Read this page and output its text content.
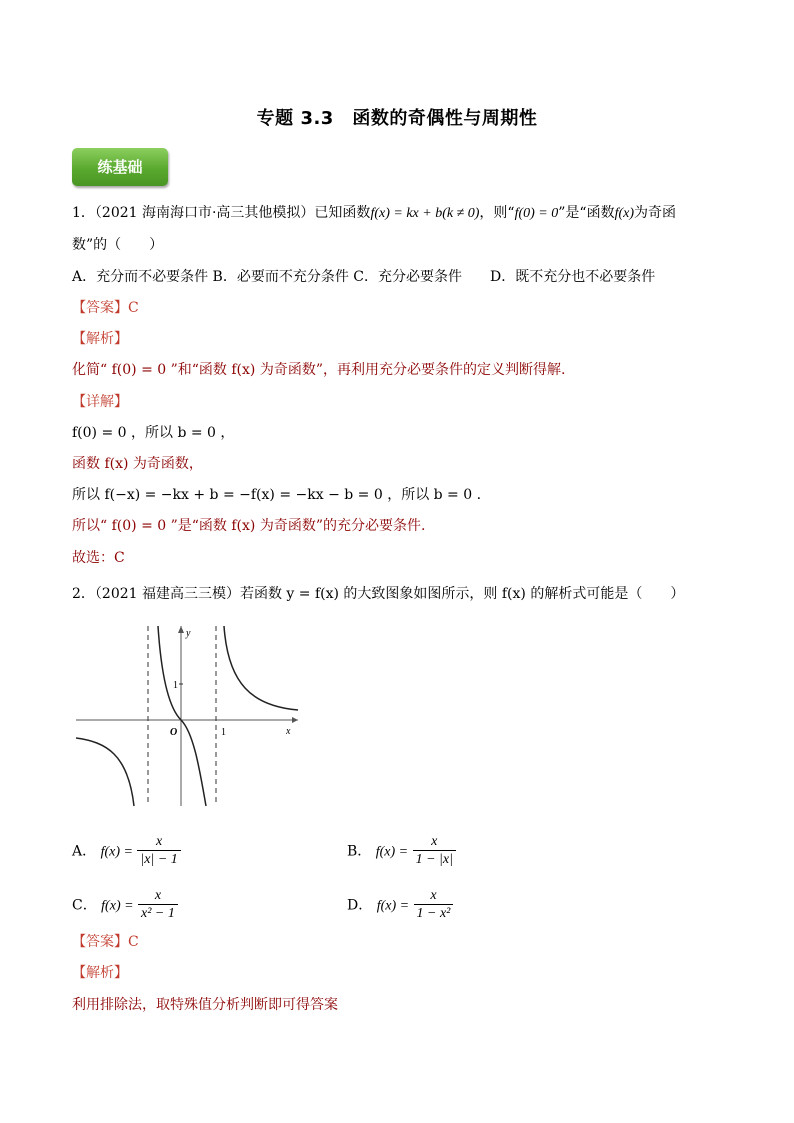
专题 3.3　函数的奇偶性与周期性
练基础
1．（2021 海南海口市·高三其他模拟）已知函数f(x) = kx + b(k ≠ 0)，则“f(0) = 0”是“函数f(x)为奇函
数”的（　　）
A．充分而不必要条件 B．必要而不充分条件 C．充分必要条件　　D．既不充分也不必要条件
【答案】C
【解析】
化简“ f(0) = 0 ”和“函数 f(x) 为奇函数”，再利用充分必要条件的定义判断得解.
【详解】
f(0) = 0 ，所以 b = 0 ，
函数 f(x) 为奇函数，
所以 f(−x) = −kx + b = −f(x) = −kx − b = 0 ，所以 b = 0 .
所以“ f(0) = 0 ”是“函数 f(x) 为奇函数”的充分必要条件.
故选：C
2．（2021 福建高三三模）若函数 y = f(x) 的大致图象如图所示，则 f(x) 的解析式可能是（　　）
y
x
O	1
1
A． $f(x) = \frac{x}{|x| - 1}$	B． $f(x) = \frac{x}{1 - |x|}$
C． $f(x) = \frac{x}{\text{x² − 1}}$	D． $f(x) = \frac{x}{\text{1 − x²}}$
【答案】C
【解析】
利用排除法，取特殊值分析判断即可得答案
